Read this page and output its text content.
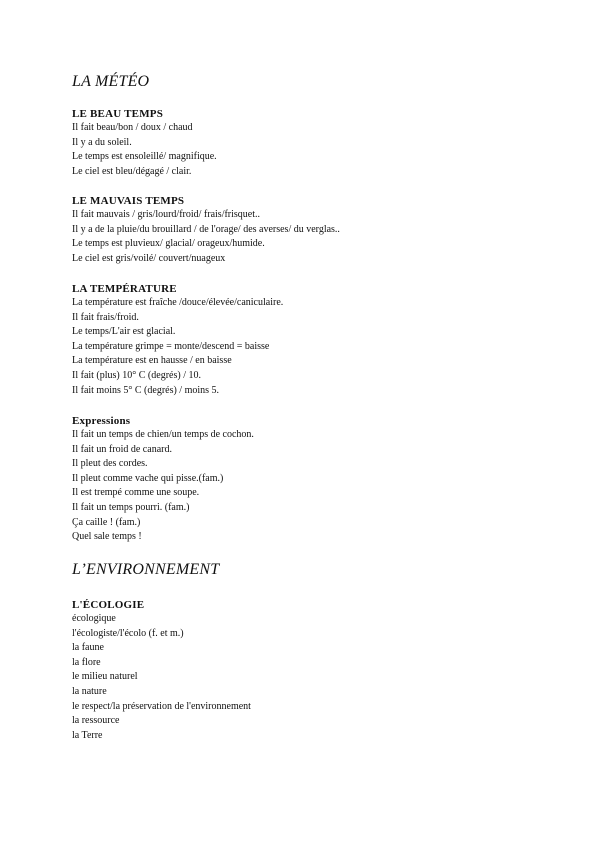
LA MÉTÉO
LE BEAU TEMPS
Il fait beau/bon / doux / chaud
Il y a du soleil.
Le temps est ensoleillé/ magnifique.
Le ciel est bleu/dégagé / clair.
LE MAUVAIS TEMPS
Il fait mauvais / gris/lourd/froid/ frais/frisquet..
Il y a de la pluie/du brouillard / de l'orage/ des averses/ du verglas..
Le temps est pluvieux/ glacial/ orageux/humide.
Le ciel est gris/voilé/ couvert/nuageux
LA TEMPÉRATURE
La température est fraîche /douce/élevée/caniculaire.
Il fait frais/froid.
Le temps/L'air est glacial.
La température grimpe = monte/descend = baisse
La température est en hausse / en baisse
Il fait (plus) 10° C (degrés) / 10.
Il fait moins 5° C (degrés) / moins 5.
Expressions
Il fait un temps de chien/un temps de cochon.
Il fait un froid de canard.
Il pleut des cordes.
Il pleut comme vache qui pisse.(fam.)
Il est trempé comme une soupe.
Il fait un temps pourri. (fam.)
Ça caille ! (fam.)
Quel sale temps !
L’ENVIRONNEMENT
L'ÉCOLOGIE
écologique
l'écologiste/l'écolo (f. et m.)
la faune
la flore
le milieu naturel
la nature
le respect/la préservation de l'environnement
la ressource
la Terre
